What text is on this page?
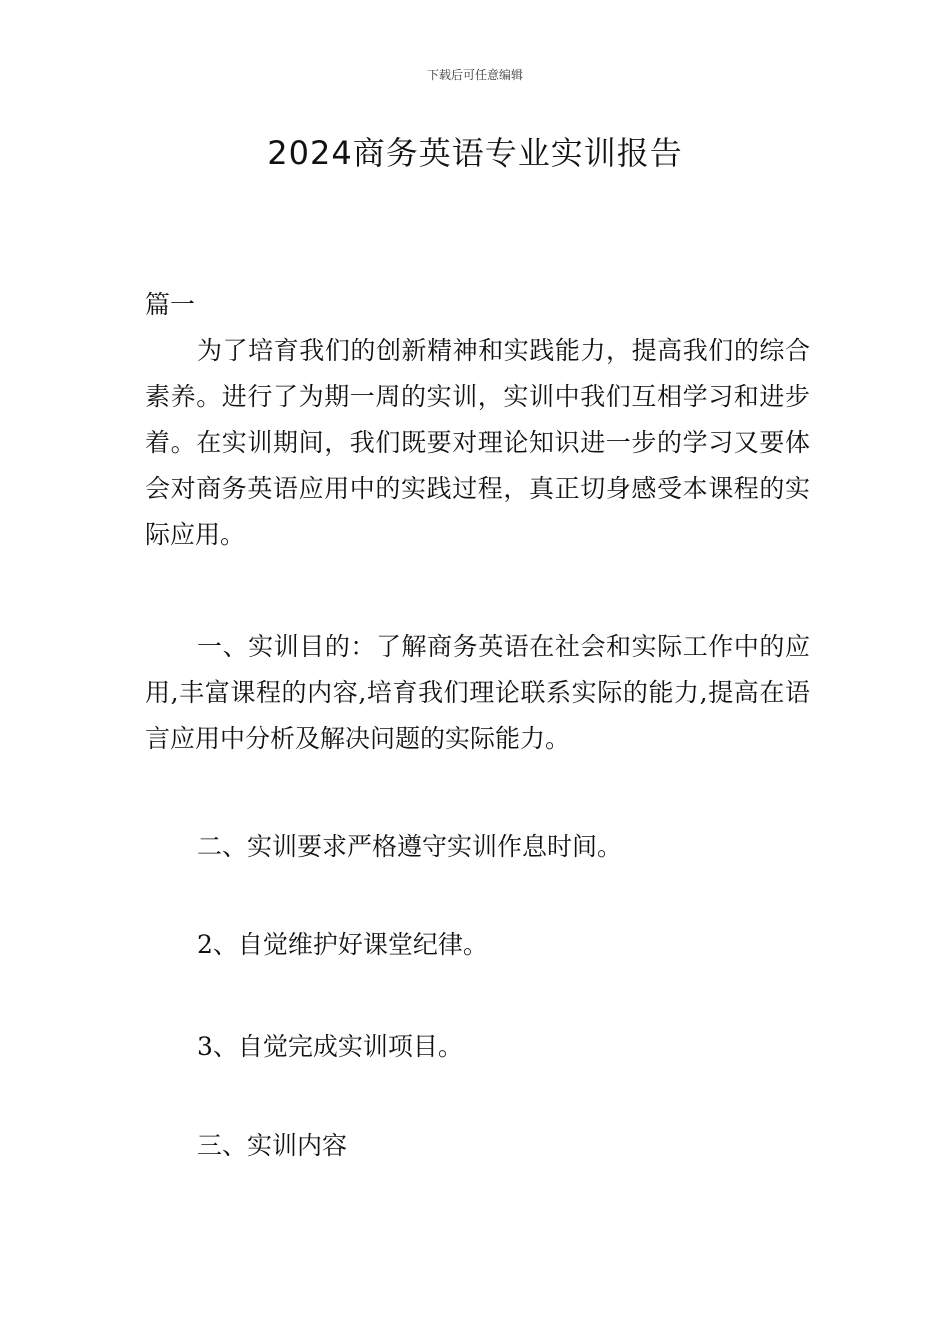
下载后可任意编辑
2024商务英语专业实训报告
篇一
为了培育我们的创新精神和实践能力，提高我们的综合素养。进行了为期一周的实训，实训中我们互相学习和进步着。在实训期间，我们既要对理论知识进一步的学习又要体会对商务英语应用中的实践过程，真正切身感受本课程的实际应用。
一、实训目的：了解商务英语在社会和实际工作中的应用,丰富课程的内容,培育我们理论联系实际的能力,提高在语言应用中分析及解决问题的实际能力。
二、实训要求严格遵守实训作息时间。
2、自觉维护好课堂纪律。
3、自觉完成实训项目。
三、实训内容
